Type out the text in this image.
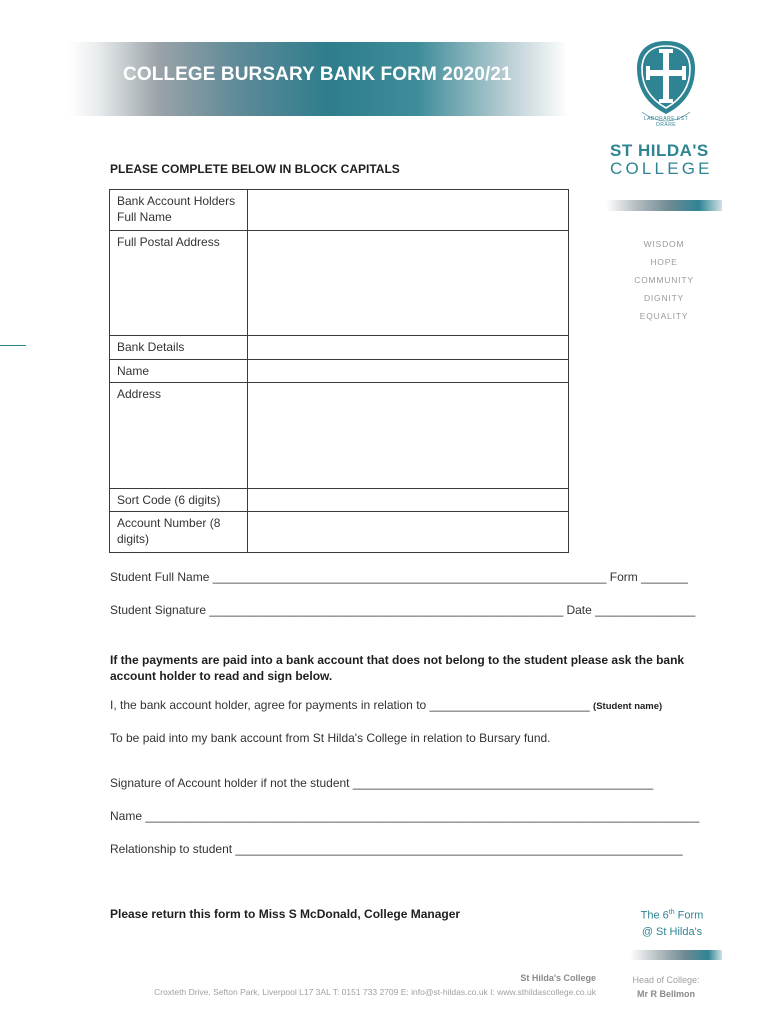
COLLEGE BURSARY BANK FORM 2020/21
LABORARE EST ORARE
ST HILDA'S
COLLEGE
WISDOM
HOPE
COMMUNITY
DIGNITY
EQUALITY
PLEASE COMPLETE BELOW IN BLOCK CAPITALS
Bank Account Holders Full Name	
Full Postal Address	
Bank Details	
Name	
Address	
Sort Code (6 digits)	
Account Number (8 digits)	
Student Full Name ___________________________________________________________ Form _______
Student Signature _____________________________________________________ Date _______________
If the payments are paid into a bank account that does not belong to the student please ask the bank account holder to read and sign below.
I, the bank account holder, agree for payments in relation to ________________________ (Student name)
To be paid into my bank account from St Hilda's College in relation to Bursary fund.
Signature of Account holder if not the student _____________________________________________
Name ___________________________________________________________________________________
Relationship to student ___________________________________________________________________
Please return this form to Miss S McDonald, College Manager	The 6th Form
@ St Hilda's
St Hilda's College
Croxteth Drive, Sefton Park, Liverpool L17 3AL T: 0151 733 2709 E: info@st-hildas.co.uk I: www.sthildascollege.co.uk
Head of College:
Mr R Bellmon
